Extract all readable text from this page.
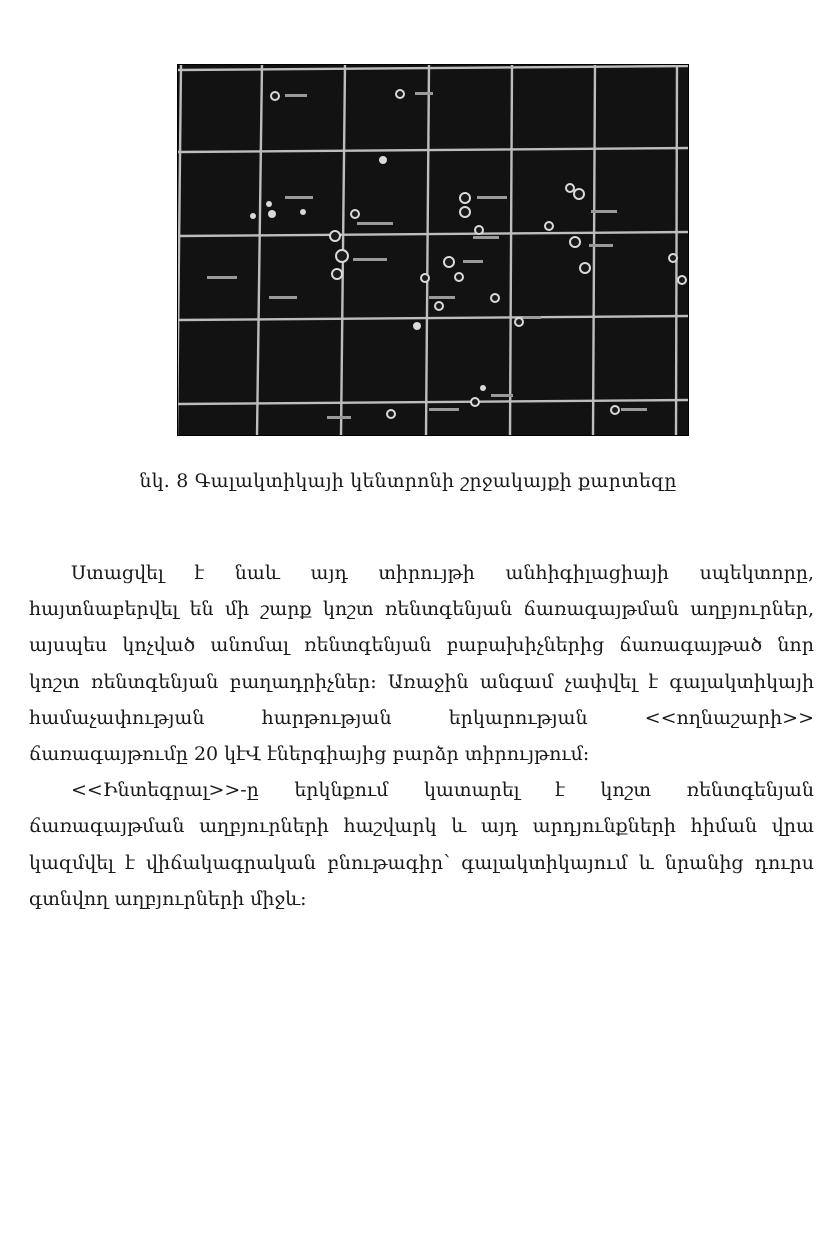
նկ. 8 Գալակտիկայի կենտրոնի շրջակայքի քարտեզը

Ստացվել է նաև այդ տիրույթի անհիգիլացիայի սպեկտորը, հայտնաբերվել են մի շարք կոշտ ռենտգենյան ճառագայթման աղբյուրներ, այսպես կոչված անոմալ ռենտգենյան բաբախիչներից ճառագայթած նոր կոշտ ռենտգենյան բաղադրիչներ: Առաջին անգամ չափվել է գալակտիկայի համաչափության հարթության երկարության <<ողնաշարի>> ճառագայթումը 20 կէՎ էներգիայից բարձր տիրույթում:

<<Ինտեգրալ>>-ը երկնքում կատարել է կոշտ ռենտգենյան ճառագայթման աղբյուրների հաշվարկ և այդ արդյունքների հիման վրա կազմվել է վիճակագրական բնութագիր՝ գալակտիկայում և նրանից դուրս գտնվող աղբյուրների միջև:
